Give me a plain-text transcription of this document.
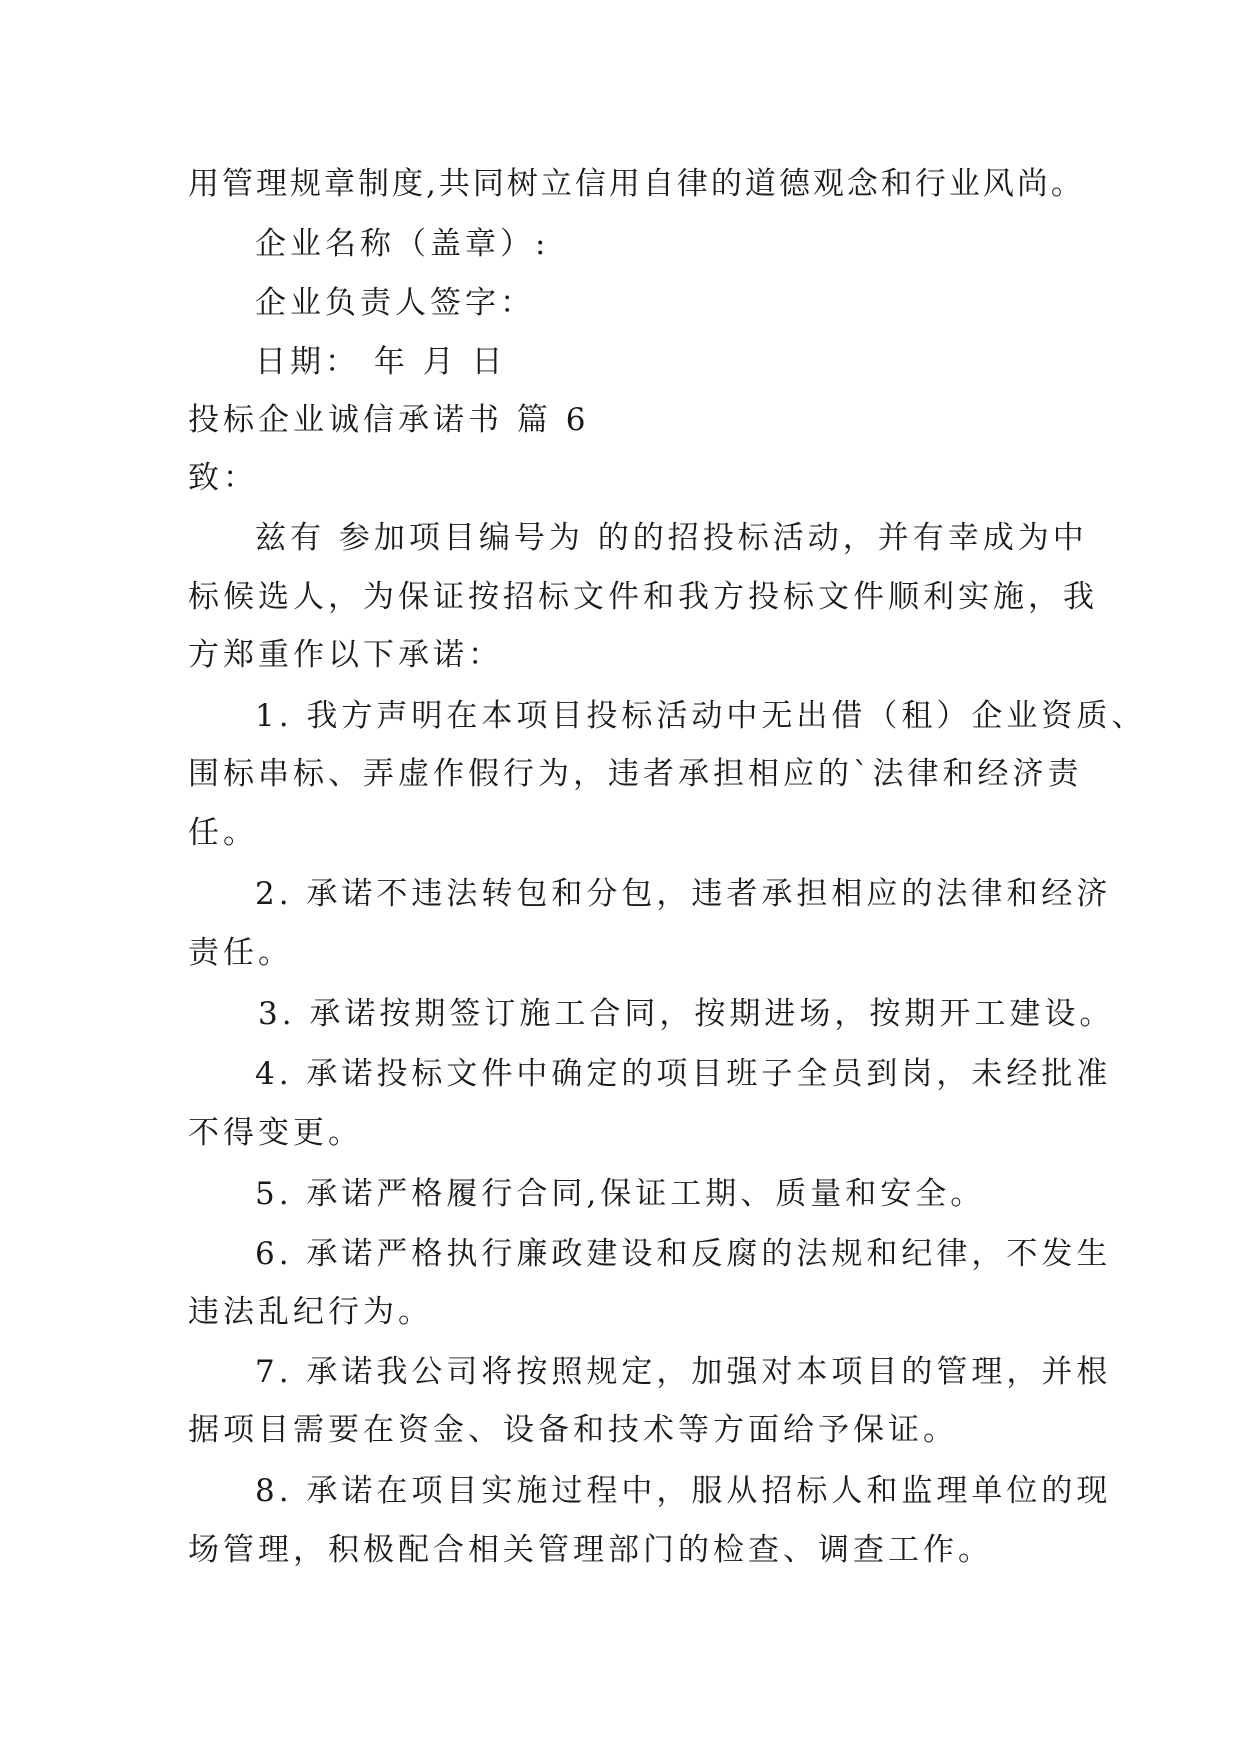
用管理规章制度,共同树立信用自律的道德观念和行业风尚。
企业名称（盖章）:
企业负责人签字：
日期： 年 月 日
投标企业诚信承诺书 篇 6
致：
兹有 参加项目编号为 的的招投标活动，并有幸成为中
标候选人，为保证按招标文件和我方投标文件顺利实施，我
方郑重作以下承诺：
1. 我方声明在本项目投标活动中无出借（租）企业资质、
围标串标、弄虚作假行为，违者承担相应的`法律和经济责
任。
2. 承诺不违法转包和分包，违者承担相应的法律和经济
责任。
3. 承诺按期签订施工合同，按期进场，按期开工建设。
4. 承诺投标文件中确定的项目班子全员到岗，未经批准
不得变更。
5. 承诺严格履行合同,保证工期、质量和安全。
6. 承诺严格执行廉政建设和反腐的法规和纪律，不发生
违法乱纪行为。
7. 承诺我公司将按照规定，加强对本项目的管理，并根
据项目需要在资金、设备和技术等方面给予保证。
8. 承诺在项目实施过程中，服从招标人和监理单位的现
场管理，积极配合相关管理部门的检查、调查工作。
